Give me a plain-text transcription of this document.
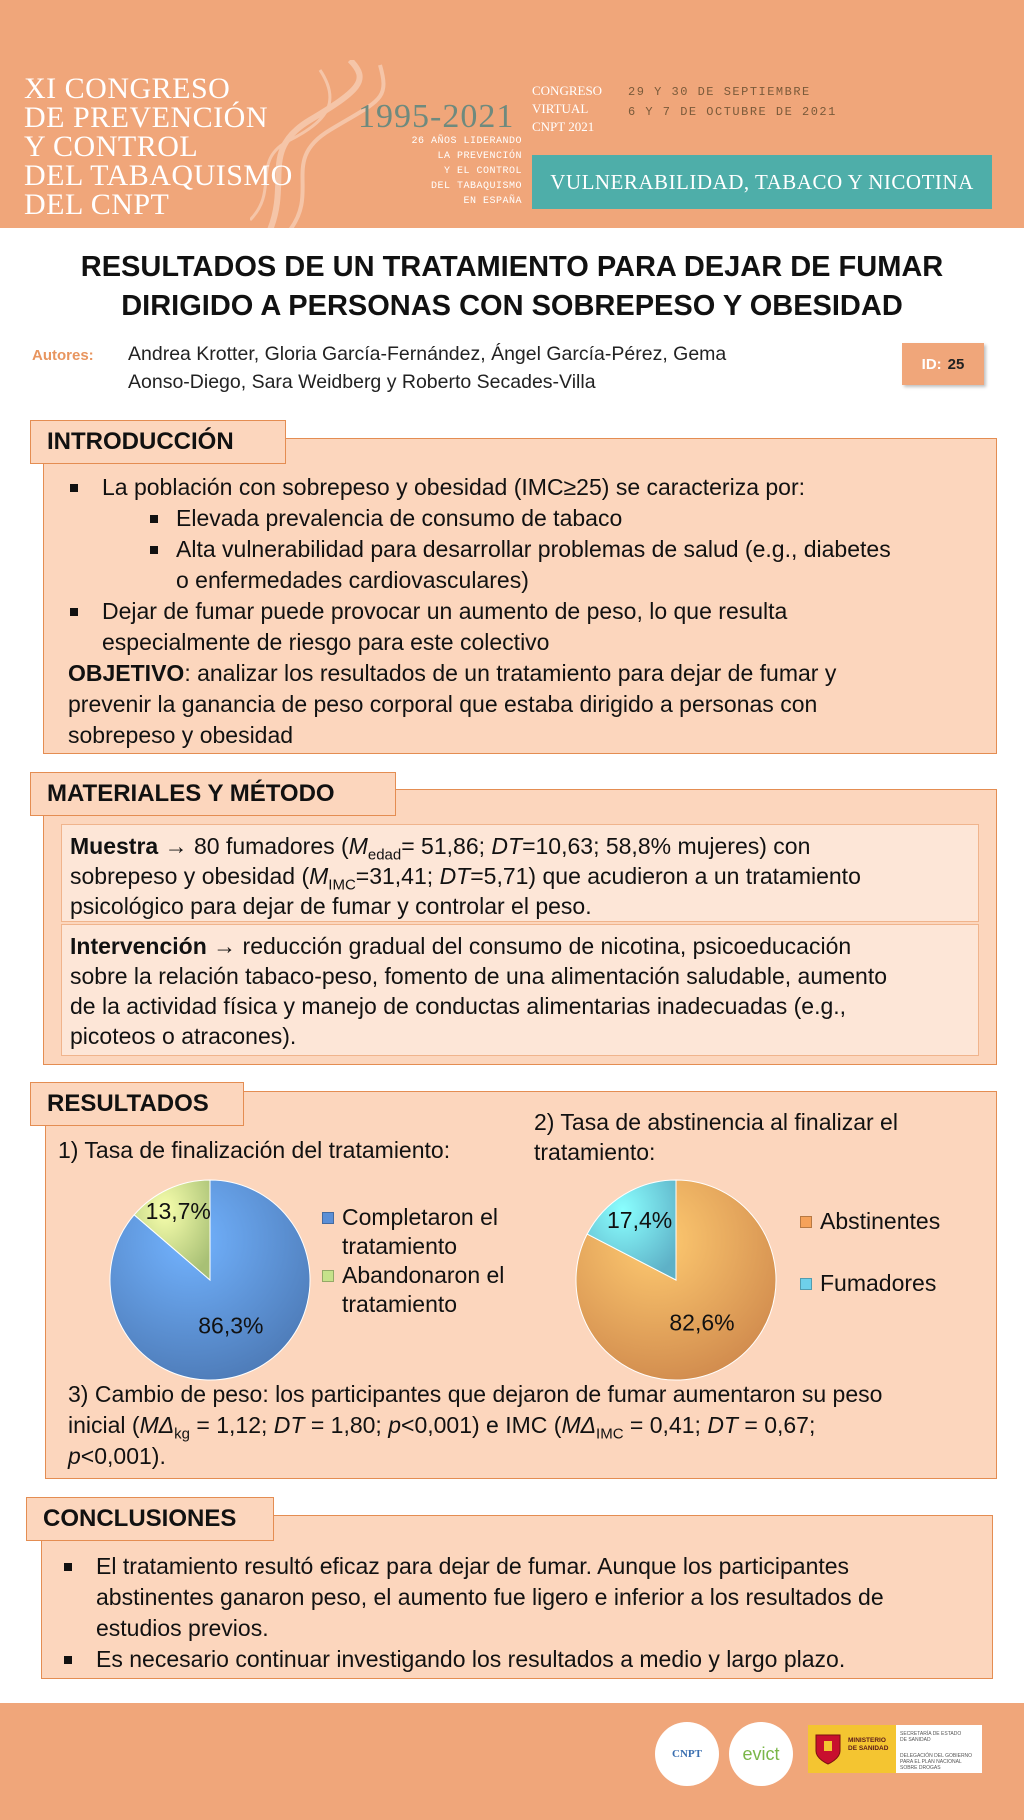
XI CONGRESO
DE PREVENCIÓN
Y CONTROL
DEL TABAQUISMO
DEL CNPT
1995-2021
26 AÑOS LIDERANDO
LA PREVENCIÓN
Y EL CONTROL
DEL TABAQUISMO
EN ESPAÑA
CONGRESO
VIRTUAL
CNPT 2021
29 Y 30 DE SEPTIEMBRE
6 Y 7 DE OCTUBRE DE 2021
VULNERABILIDAD, TABACO Y NICOTINA
RESULTADOS DE UN TRATAMIENTO PARA DEJAR DE FUMAR
DIRIGIDO A PERSONAS CON SOBREPESO Y OBESIDAD
Autores: Andrea Krotter, Gloria García-Fernández, Ángel García-Pérez, Gema
Aonso-Diego, Sara Weidberg y Roberto Secades-Villa
ID: 25
INTRODUCCIÓN
La población con sobrepeso y obesidad (IMC≥25) se caracteriza por:
Elevada prevalencia de consumo de tabaco
Alta vulnerabilidad para desarrollar problemas de salud (e.g., diabetes
o enfermedades cardiovasculares)
Dejar de fumar puede provocar un aumento de peso, lo que resulta
especialmente de riesgo para este colectivo
OBJETIVO: analizar los resultados de un tratamiento para dejar de fumar y
prevenir la ganancia de peso corporal que estaba dirigido a personas con
sobrepeso y obesidad
MATERIALES Y MÉTODO
Muestra → 80 fumadores ($M_{edad}= 51,86$; DT=10,63; 58,8% mujeres) con
sobrepeso y obesidad ($M_{IMC}=31,41$; DT=5,71) que acudieron a un tratamiento
psicológico para dejar de fumar y controlar el peso.
Intervención → reducción gradual del consumo de nicotina, psicoeducación
sobre la relación tabaco-peso, fomento de una alimentación saludable, aumento
de la actividad física y manejo de conductas alimentarias inadecuadas (e.g.,
picoteos o atracones).
RESULTADOS
1) Tasa de finalización del tratamiento:
2) Tasa de abstinencia al finalizar el
tratamiento:
86,3%
13,7%	Completaron el
tratamiento
Abandonaron el
tratamiento
82,6%
17,4%	Abstinentes
Fumadores
3) Cambio de peso: los participantes que dejaron de fumar aumentaron su peso
inicial ($M\Delta_{kg} = 1,12$; DT = 1,80; p<0,001) e IMC ($M\Delta_{IMC} = 0,41$; DT = 0,67;
p<0,001).
CONCLUSIONES
El tratamiento resultó eficaz para dejar de fumar. Aunque los participantes
abstinentes ganaron peso, el aumento fue ligero e inferior a los resultados de
estudios previos.
Es necesario continuar investigando los resultados a medio y largo plazo.
CNPT	evict
MINISTERIO
DE SANIDAD
SECRETARÍA DE ESTADO
DE SANIDAD
DELEGACIÓN DEL GOBIERNO
PARA EL PLAN NACIONAL SOBRE DROGAS
